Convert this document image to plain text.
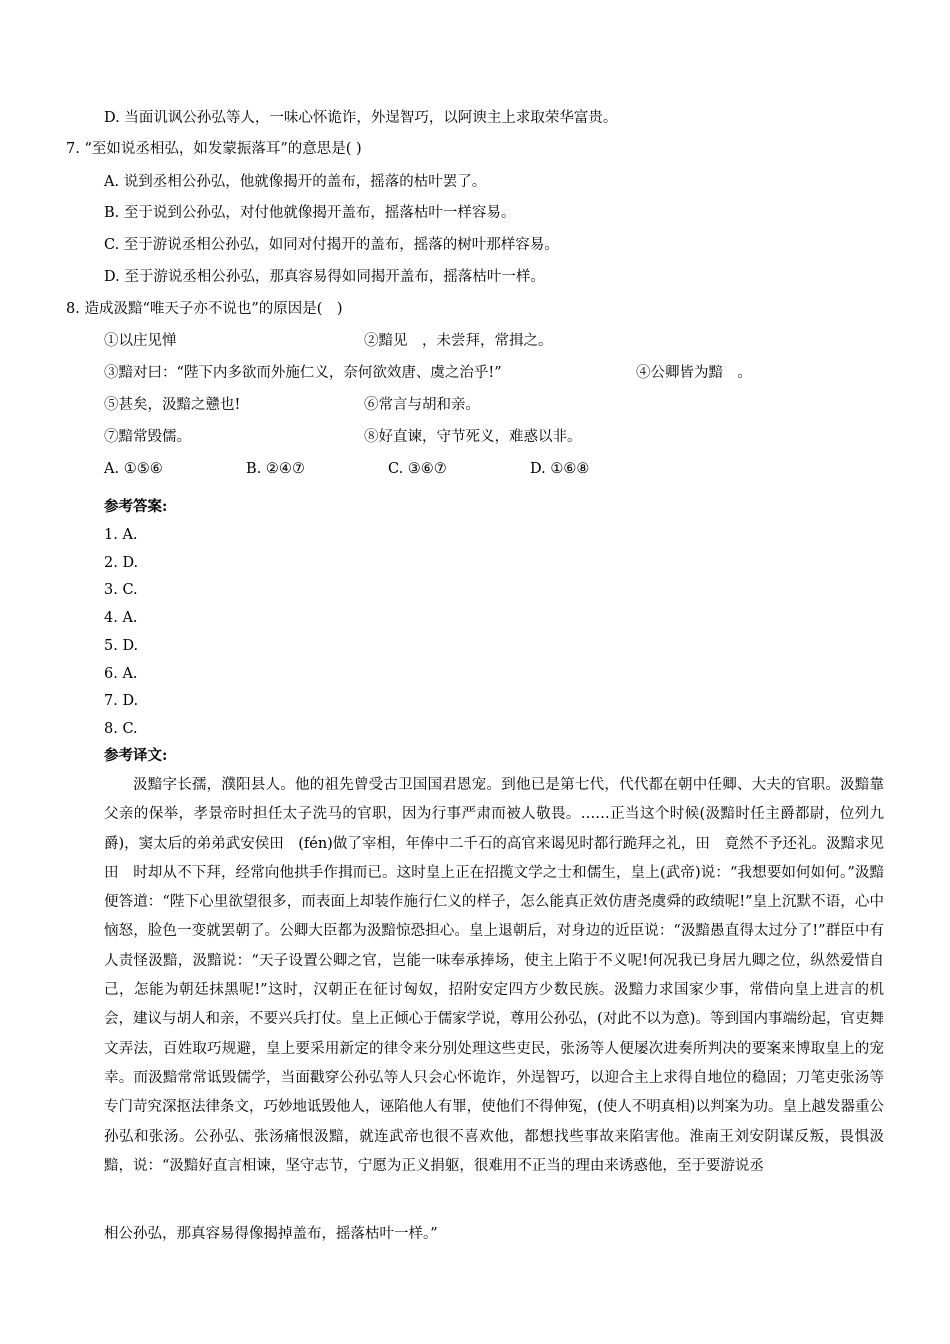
D. 当面讥讽公孙弘等人，一味心怀诡诈，外逞智巧，以阿谀主上求取荣华富贵。
7. “至如说丞相弘，如发蒙振落耳”的意思是( )
A. 说到丞相公孙弘，他就像揭开的盖布，摇落的枯叶罢了。
B. 至于说到公孙弘，对付他就像揭开盖布，摇落枯叶一样容易。
C. 至于游说丞相公孙弘，如同对付揭开的盖布，摇落的树叶那样容易。
D. 至于游说丞相公孙弘，那真容易得如同揭开盖布，摇落枯叶一样。
8. 造成汲黯“唯天子亦不说也”的原因是(　)
①以庄见惮	②黯见　，未尝拜，常揖之。
③黯对曰：“陛下内多欲而外施仁义，奈何欲效唐、虞之治乎!”	④公卿皆为黯　。
⑤甚矣，汲黯之戆也!	⑥常言与胡和亲。
⑦黯常毁儒。	⑧好直谏，守节死义，难惑以非。
A. ①⑤⑥	B. ②④⑦	C. ③⑥⑦	D. ①⑥⑧
参考答案:
1. A.
2. D.
3. C.
4. A.
5. D.
6. A.
7. D.
8. C.
参考译文:
汲黯字长孺，濮阳县人。他的祖先曾受古卫国国君恩宠。到他已是第七代，代代都在朝中任卿、大夫的官职。汲黯靠父亲的保举，孝景帝时担任太子洗马的官职，因为行事严肃而被人敬畏。……正当这个时候(汲黯时任主爵都尉，位列九爵)，窦太后的弟弟武安侯田　(fén)做了宰相，年俸中二千石的高官来谒见时都行跪拜之礼，田　竟然不予还礼。汲黯求见田　时却从不下拜，经常向他拱手作揖而已。这时皇上正在招揽文学之士和儒生，皇上(武帝)说：“我想要如何如何。”汲黯便答道：“陛下心里欲望很多，而表面上却装作施行仁义的样子，怎么能真正效仿唐尧虞舜的政绩呢!”皇上沉默不语，心中恼怒，脸色一变就罢朝了。公卿大臣都为汲黯惊恐担心。皇上退朝后，对身边的近臣说：“汲黯愚直得太过分了!”群臣中有人责怪汲黯，汲黯说：“天子设置公卿之官，岂能一味奉承捧场，使主上陷于不义呢!何况我已身居九卿之位，纵然爱惜自己，怎能为朝廷抹黑呢!”这时，汉朝正在征讨匈奴，招附安定四方少数民族。汲黯力求国家少事，常借向皇上进言的机会，建议与胡人和亲，不要兴兵打仗。皇上正倾心于儒家学说，尊用公孙弘，(对此不以为意)。等到国内事端纷起，官吏舞文弄法，百姓取巧规避，皇上要采用新定的律令来分别处理这些吏民，张汤等人便屡次进奏所判决的要案来博取皇上的宠幸。而汲黯常常诋毁儒学，当面戳穿公孙弘等人只会心怀诡诈，外逞智巧，以迎合主上求得自地位的稳固；刀笔吏张汤等专门苛究深抠法律条文，巧妙地诋毁他人，诬陷他人有罪，使他们不得伸冤，(使人不明真相)以判案为功。皇上越发器重公孙弘和张汤。公孙弘、张汤痛恨汲黯，就连武帝也很不喜欢他，都想找些事故来陷害他。淮南王刘安阴谋反叛，畏惧汲黯，说：“汲黯好直言相谏，坚守志节，宁愿为正义捐躯，很难用不正当的理由来诱惑他，至于要游说丞
相公孙弘，那真容易得像揭掉盖布，摇落枯叶一样。”
